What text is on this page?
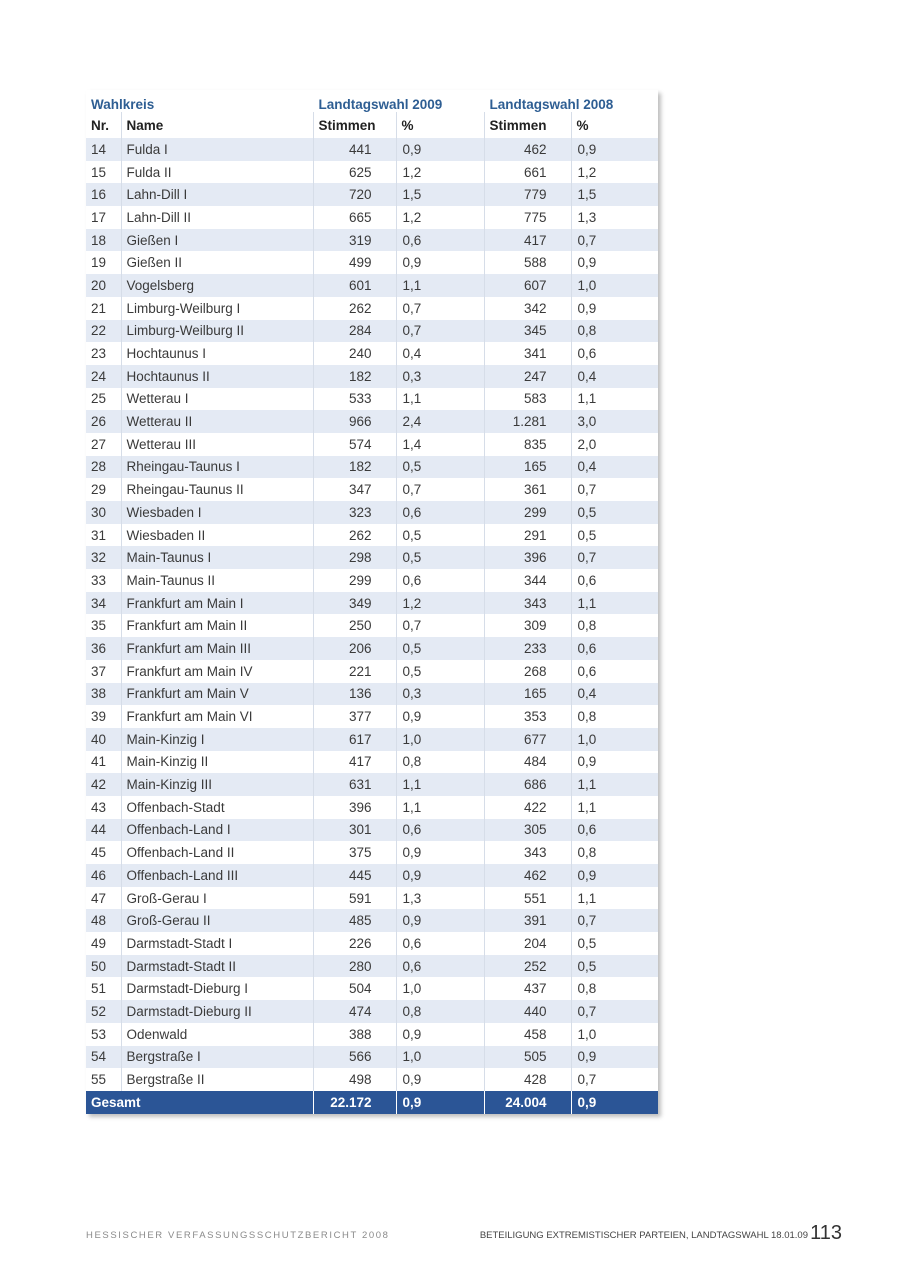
Wahlkreis		Landtagswahl 2009		Landtagswahl 2008	
Nr.	Name	Stimmen	%	Stimmen	%
14	Fulda I	441	0,9	462	0,9
15	Fulda II	625	1,2	661	1,2
16	Lahn-Dill I	720	1,5	779	1,5
17	Lahn-Dill II	665	1,2	775	1,3
18	Gießen I	319	0,6	417	0,7
19	Gießen II	499	0,9	588	0,9
20	Vogelsberg	601	1,1	607	1,0
21	Limburg-Weilburg I	262	0,7	342	0,9
22	Limburg-Weilburg II	284	0,7	345	0,8
23	Hochtaunus I	240	0,4	341	0,6
24	Hochtaunus II	182	0,3	247	0,4
25	Wetterau I	533	1,1	583	1,1
26	Wetterau II	966	2,4	1.281	3,0
27	Wetterau III	574	1,4	835	2,0
28	Rheingau-Taunus I	182	0,5	165	0,4
29	Rheingau-Taunus II	347	0,7	361	0,7
30	Wiesbaden I	323	0,6	299	0,5
31	Wiesbaden II	262	0,5	291	0,5
32	Main-Taunus I	298	0,5	396	0,7
33	Main-Taunus II	299	0,6	344	0,6
34	Frankfurt am Main I	349	1,2	343	1,1
35	Frankfurt am Main II	250	0,7	309	0,8
36	Frankfurt am Main III	206	0,5	233	0,6
37	Frankfurt am Main IV	221	0,5	268	0,6
38	Frankfurt am Main V	136	0,3	165	0,4
39	Frankfurt am Main VI	377	0,9	353	0,8
40	Main-Kinzig I	617	1,0	677	1,0
41	Main-Kinzig II	417	0,8	484	0,9
42	Main-Kinzig III	631	1,1	686	1,1
43	Offenbach-Stadt	396	1,1	422	1,1
44	Offenbach-Land I	301	0,6	305	0,6
45	Offenbach-Land II	375	0,9	343	0,8
46	Offenbach-Land III	445	0,9	462	0,9
47	Groß-Gerau I	591	1,3	551	1,1
48	Groß-Gerau II	485	0,9	391	0,7
49	Darmstadt-Stadt I	226	0,6	204	0,5
50	Darmstadt-Stadt II	280	0,6	252	0,5
51	Darmstadt-Dieburg I	504	1,0	437	0,8
52	Darmstadt-Dieburg II	474	0,8	440	0,7
53	Odenwald	388	0,9	458	1,0
54	Bergstraße I	566	1,0	505	0,9
55	Bergstraße II	498	0,9	428	0,7
Gesamt		22.172	0,9	24.004	0,9
HESSISCHER VERFASSUNGSSCHUTZBERICHT 2008	BETEILIGUNG EXTREMISTISCHER PARTEIEN, LANDTAGSWAHL 18.01.09 113
